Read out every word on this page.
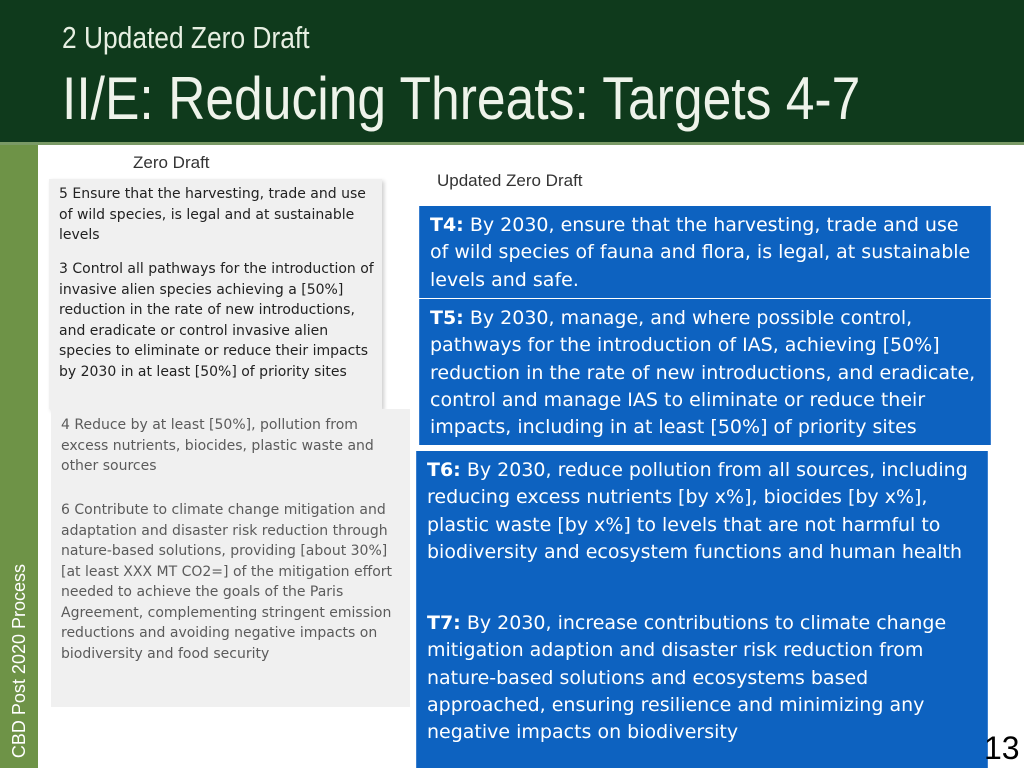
2 Updated Zero Draft
II/E: Reducing Threats: Targets 4-7
CBD Post 2020 Process
Zero Draft
Updated Zero Draft
5 Ensure that the harvesting, trade and use of wild species, is legal and at sustainable levels
3 Control all pathways for the introduction of invasive alien species achieving a [50%] reduction in the rate of new introductions, and eradicate or control invasive alien species to eliminate or reduce their impacts by 2030 in at least [50%] of priority sites
4 Reduce by at least [50%], pollution from excess nutrients, biocides, plastic waste and other sources
6 Contribute to climate change mitigation and adaptation and disaster risk reduction through nature-based solutions, providing [about 30%] [at least XXX MT CO2=] of the mitigation effort needed to achieve the goals of the Paris Agreement, complementing stringent emission reductions and avoiding negative impacts on biodiversity and food security
T4: By 2030, ensure that the harvesting, trade and use of wild species of fauna and flora, is legal, at sustainable levels and safe.
T5: By 2030, manage, and where possible control, pathways for the introduction of IAS, achieving [50%] reduction in the rate of new introductions, and eradicate, control and manage IAS to eliminate or reduce their impacts, including in at least [50%] of priority sites
T6: By 2030, reduce pollution from all sources, including reducing excess nutrients [by x%], biocides [by x%], plastic waste [by x%] to levels that are not harmful to biodiversity and ecosystem functions and human health
T7: By 2030, increase contributions to climate change mitigation adaption and disaster risk reduction from nature-based solutions and ecosystems based approached, ensuring resilience and minimizing any negative impacts on biodiversity	13
